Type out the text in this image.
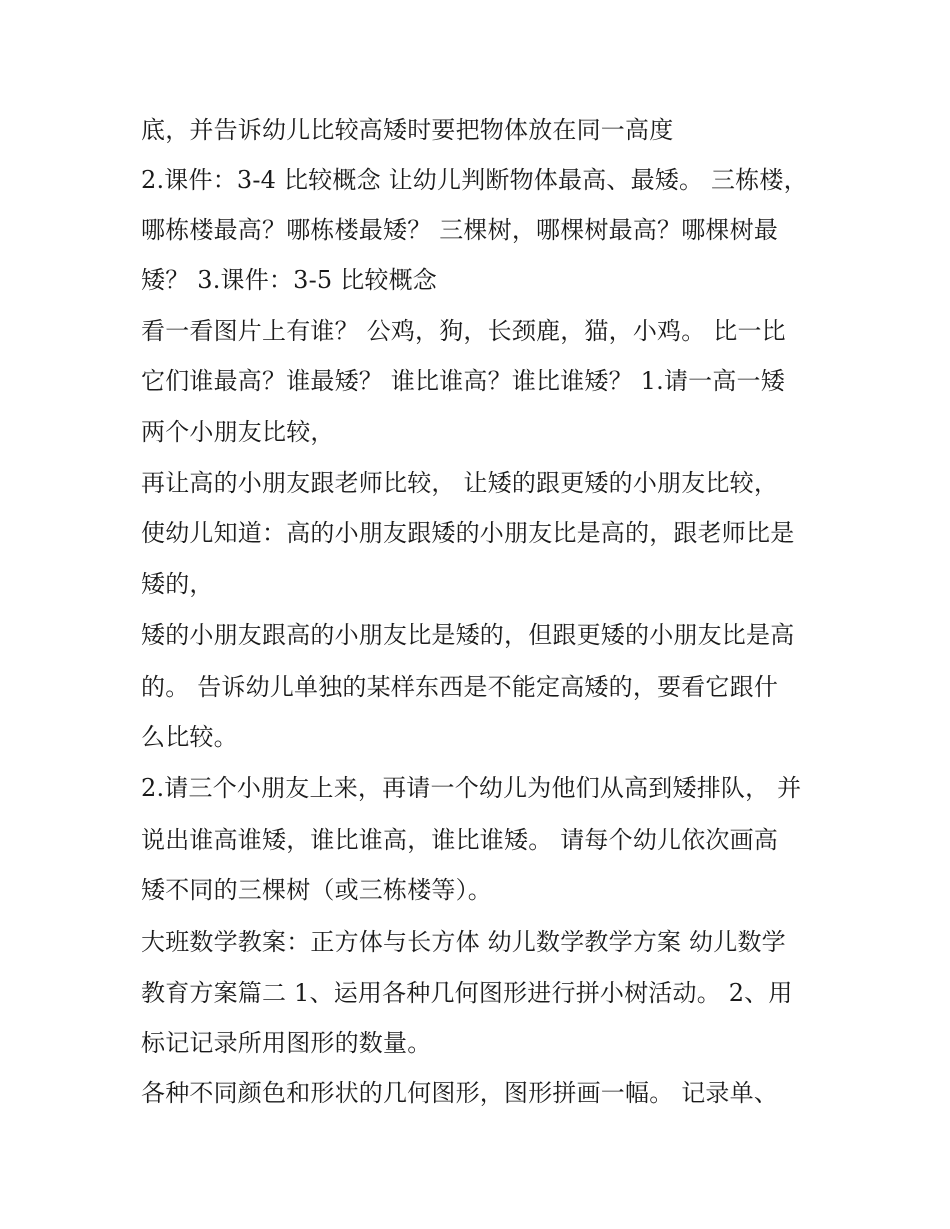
底，并告诉幼儿比较高矮时要把物体放在同一高度
2.课件：3-4 比较概念 让幼儿判断物体最高、最矮。 三栋楼，
哪栋楼最高？哪栋楼最矮？ 三棵树，哪棵树最高？哪棵树最
矮？ 3.课件：3-5 比较概念
看一看图片上有谁？ 公鸡，狗，长颈鹿，猫，小鸡。 比一比
它们谁最高？谁最矮？ 谁比谁高？谁比谁矮？ 1.请一高一矮
两个小朋友比较，
再让高的小朋友跟老师比较， 让矮的跟更矮的小朋友比较，
使幼儿知道：高的小朋友跟矮的小朋友比是高的，跟老师比是
矮的，
矮的小朋友跟高的小朋友比是矮的，但跟更矮的小朋友比是高
的。 告诉幼儿单独的某样东西是不能定高矮的，要看它跟什
么比较。
2.请三个小朋友上来，再请一个幼儿为他们从高到矮排队， 并
说出谁高谁矮，谁比谁高，谁比谁矮。 请每个幼儿依次画高
矮不同的三棵树（或三栋楼等）。
大班数学教案：正方体与长方体 幼儿数学教学方案 幼儿数学
教育方案篇二 1、运用各种几何图形进行拼小树活动。 2、用
标记记录所用图形的数量。
各种不同颜色和形状的几何图形，图形拼画一幅。 记录单、
